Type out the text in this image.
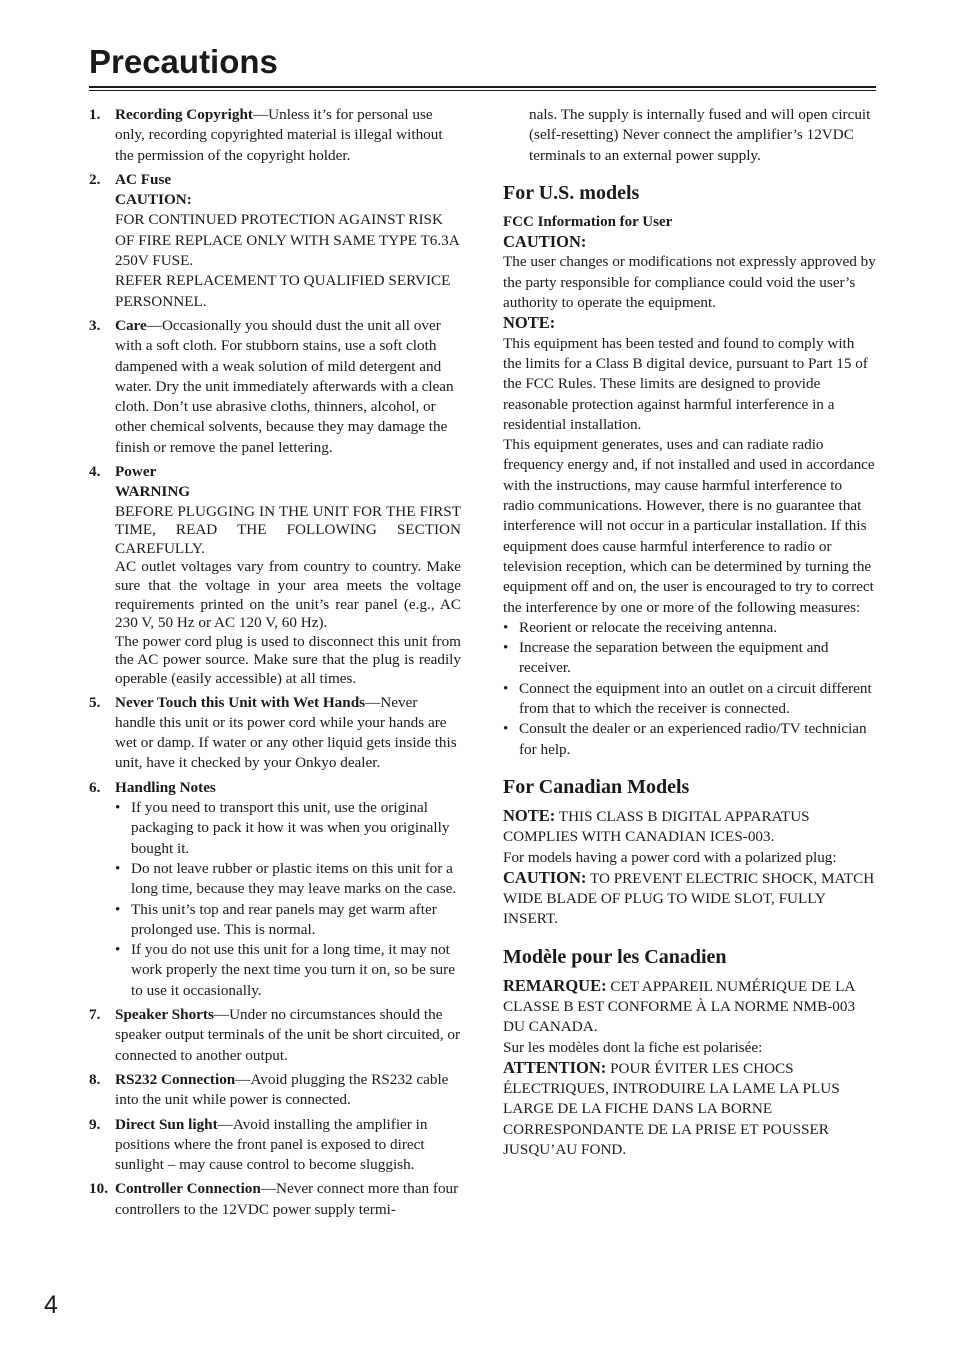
Precautions
1. Recording Copyright—Unless it’s for personal use only, recording copyrighted material is illegal without the permission of the copyright holder.
2. AC Fuse
CAUTION:
FOR CONTINUED PROTECTION AGAINST RISK OF FIRE REPLACE ONLY WITH SAME TYPE T6.3A 250V FUSE.
REFER REPLACEMENT TO QUALIFIED SERVICE PERSONNEL.
3. Care—Occasionally you should dust the unit all over with a soft cloth. For stubborn stains, use a soft cloth dampened with a weak solution of mild detergent and water. Dry the unit immediately afterwards with a clean cloth. Don’t use abrasive cloths, thinners, alcohol, or other chemical solvents, because they may damage the finish or remove the panel lettering.
4. Power
WARNING
BEFORE PLUGGING IN THE UNIT FOR THE FIRST TIME, READ THE FOLLOWING SECTION CAREFULLY.
AC outlet voltages vary from country to country. Make sure that the voltage in your area meets the voltage requirements printed on the unit’s rear panel (e.g., AC 230 V, 50 Hz or AC 120 V, 60 Hz).
The power cord plug is used to disconnect this unit from the AC power source. Make sure that the plug is readily operable (easily accessible) at all times.
5. Never Touch this Unit with Wet Hands—Never handle this unit or its power cord while your hands are wet or damp. If water or any other liquid gets inside this unit, have it checked by your Onkyo dealer.
6. Handling Notes
• If you need to transport this unit, use the original packaging to pack it how it was when you originally bought it.
• Do not leave rubber or plastic items on this unit for a long time, because they may leave marks on the case.
• This unit’s top and rear panels may get warm after prolonged use. This is normal.
• If you do not use this unit for a long time, it may not work properly the next time you turn it on, so be sure to use it occasionally.
7. Speaker Shorts—Under no circumstances should the speaker output terminals of the unit be short circuited, or connected to another output.
8. RS232 Connection—Avoid plugging the RS232 cable into the unit while power is connected.
9. Direct Sun light—Avoid installing the amplifier in positions where the front panel is exposed to direct sunlight – may cause control to become sluggish.
10. Controller Connection—Never connect more than four controllers to the 12VDC power supply termi-
nals. The supply is internally fused and will open circuit (self-resetting) Never connect the amplifier’s 12VDC terminals to an external power supply.
For U.S. models
FCC Information for User
CAUTION:
The user changes or modifications not expressly approved by the party responsible for compliance could void the user’s authority to operate the equipment.
NOTE:
This equipment has been tested and found to comply with the limits for a Class B digital device, pursuant to Part 15 of the FCC Rules. These limits are designed to provide reasonable protection against harmful interference in a residential installation.
This equipment generates, uses and can radiate radio frequency energy and, if not installed and used in accordance with the instructions, may cause harmful interference to radio communications. However, there is no guarantee that interference will not occur in a particular installation. If this equipment does cause harmful interference to radio or television reception, which can be determined by turning the equipment off and on, the user is encouraged to try to correct the interference by one or more of the following measures:
• Reorient or relocate the receiving antenna.
• Increase the separation between the equipment and receiver.
• Connect the equipment into an outlet on a circuit different from that to which the receiver is connected.
• Consult the dealer or an experienced radio/TV technician for help.
For Canadian Models
NOTE: THIS CLASS B DIGITAL APPARATUS COMPLIES WITH CANADIAN ICES-003.
For models having a power cord with a polarized plug:
CAUTION: TO PREVENT ELECTRIC SHOCK, MATCH WIDE BLADE OF PLUG TO WIDE SLOT, FULLY INSERT.
Modèle pour les Canadien
REMARQUE: CET APPAREIL NUMÉRIQUE DE LA CLASSE B EST CONFORME À LA NORME NMB-003 DU CANADA.
Sur les modèles dont la fiche est polarisée:
ATTENTION: POUR ÉVITER LES CHOCS ÉLECTRIQUES, INTRODUIRE LA LAME LA PLUS LARGE DE LA FICHE DANS LA BORNE CORRESPONDANTE DE LA PRISE ET POUSSER JUSQU’AU FOND.
4
